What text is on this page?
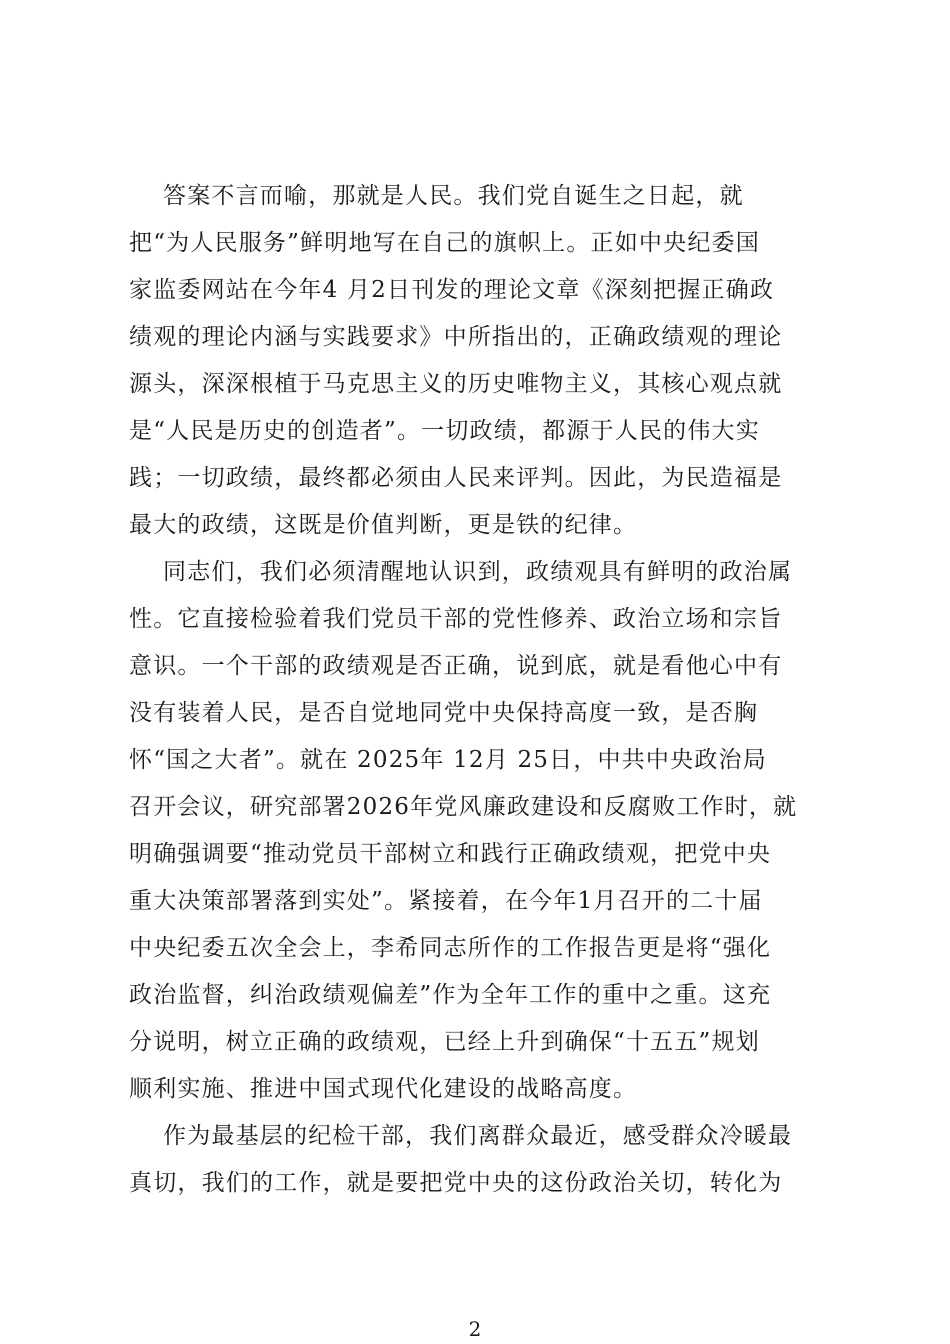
答案不言而喻，那就是人民。我们党自诞生之日起，就
把“为人民服务”鲜明地写在自己的旗帜上。正如中央纪委国
家监委网站在今年4 月2日刊发的理论文章《深刻把握正确政
绩观的理论内涵与实践要求》中所指出的，正确政绩观的理论
源头，深深根植于马克思主义的历史唯物主义，其核心观点就
是“人民是历史的创造者”。一切政绩，都源于人民的伟大实
践；一切政绩，最终都必须由人民来评判。因此，为民造福是
最大的政绩，这既是价值判断，更是铁的纪律。
同志们，我们必须清醒地认识到，政绩观具有鲜明的政治属
性。它直接检验着我们党员干部的党性修养、政治立场和宗旨
意识。一个干部的政绩观是否正确，说到底，就是看他心中有
没有装着人民，是否自觉地同党中央保持高度一致，是否胸
怀“国之大者”。就在 2025年 12月 25日，中共中央政治局
召开会议，研究部署2026年党风廉政建设和反腐败工作时，就
明确强调要“推动党员干部树立和践行正确政绩观，把党中央
重大决策部署落到实处”。紧接着，在今年1月召开的二十届
中央纪委五次全会上，李希同志所作的工作报告更是将“强化
政治监督，纠治政绩观偏差”作为全年工作的重中之重。这充
分说明，树立正确的政绩观，已经上升到确保“十五五”规划
顺利实施、推进中国式现代化建设的战略高度。
作为最基层的纪检干部，我们离群众最近，感受群众冷暖最
真切，我们的工作，就是要把党中央的这份政治关切，转化为
2
